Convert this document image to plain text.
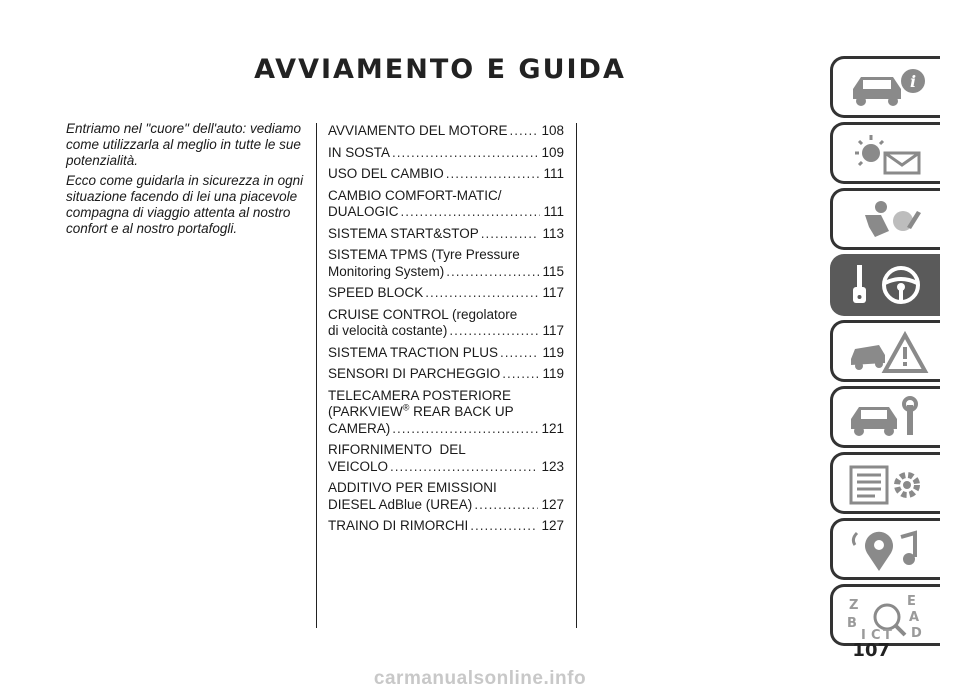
AVVIAMENTO E GUIDA

Entriamo nel "cuore" dell'auto: vediamo come utilizzarla al meglio in tutte le sue potenzialità.

Ecco come guidarla in sicurezza in ogni situazione facendo di lei una piacevole compagna di viaggio attenta al nostro confort e al nostro portafogli.

AVVIAMENTO DEL MOTORE .....	108
IN SOSTA .....	109
USO DEL CAMBIO .....	111
CAMBIO COMFORT-MATIC/
DUALOGIC .....	111
SISTEMA START&STOP .....	113
SISTEMA TPMS (Tyre Pressure
Monitoring System) .....	115
SPEED BLOCK .....	117
CRUISE CONTROL (regolatore
di velocità costante) .....	117
SISTEMA TRACTION PLUS .....	119
SENSORI DI PARCHEGGIO .....	119
TELECAMERA POSTERIORE
(PARKVIEW® REAR BACK UP
CAMERA) .....	121
RIFORNIMENTO  DEL
VEICOLO .....	123
ADDITIVO PER EMISSIONI
DIESEL AdBlue (UREA) .....	127
TRAINO DI RIMORCHI .....	127
i
Z	E
B	A
I C T D
107
carmanualsonline.info
